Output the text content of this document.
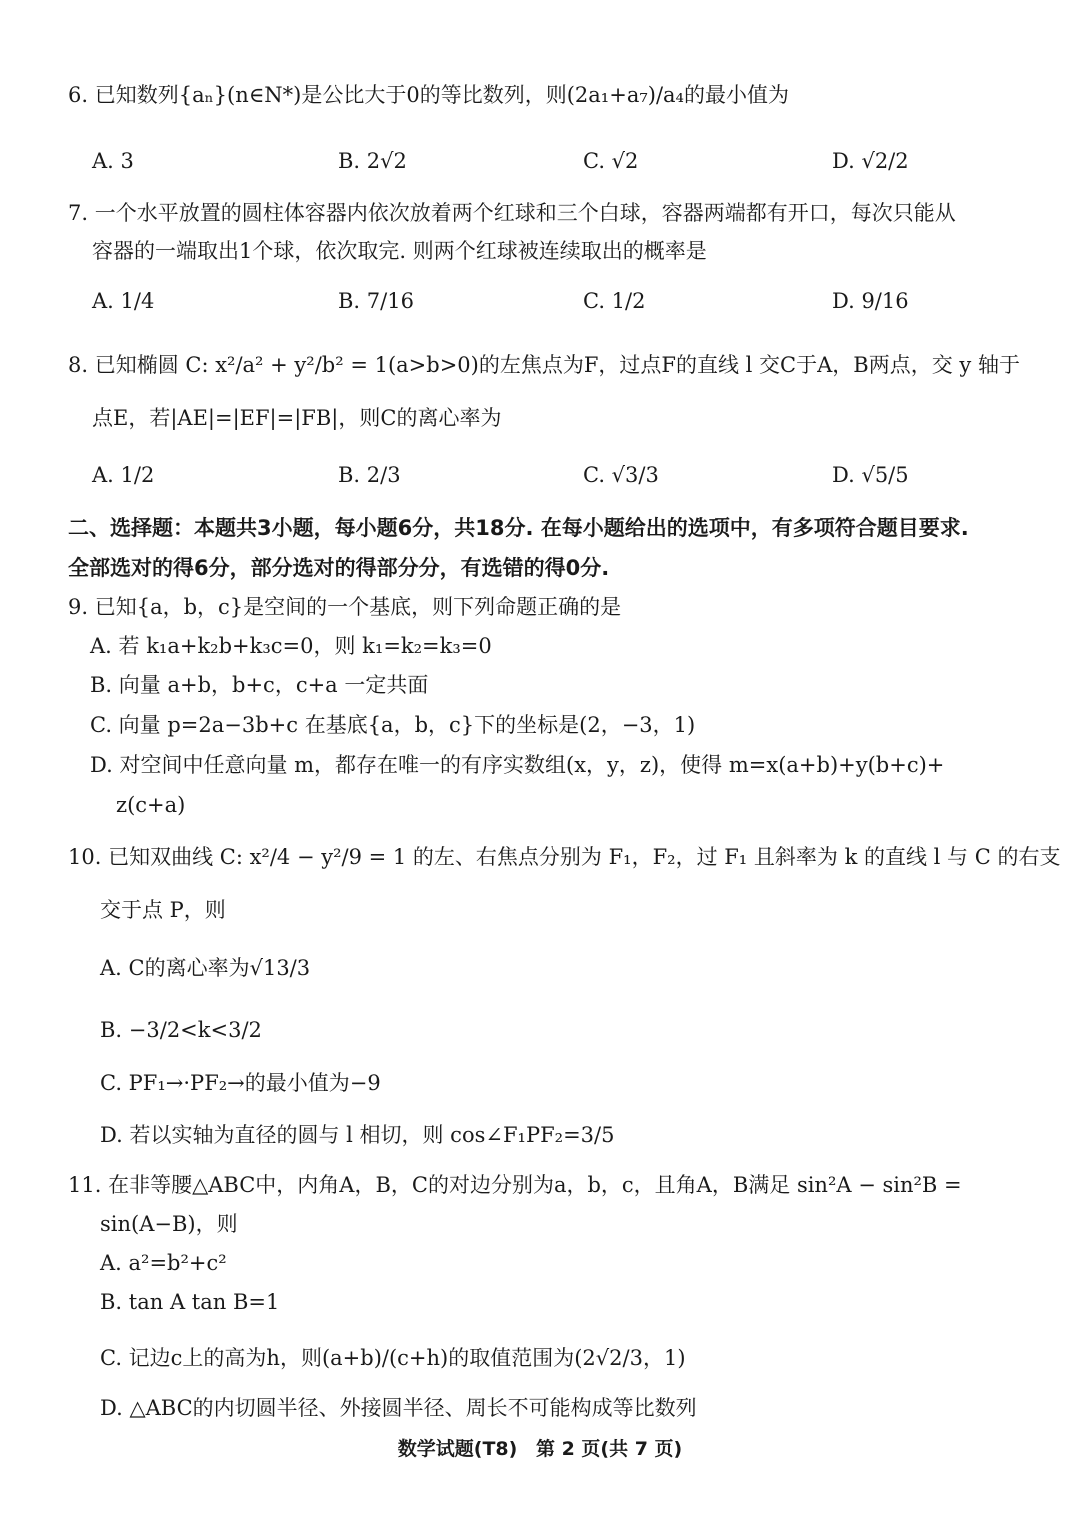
6. 已知数列{aₙ}(n∈N*)是公比大于0的等比数列，则(2a₁+a₇)/a₄的最小值为
A. 3	B. 2√2	C. √2	D. √2/2
7. 一个水平放置的圆柱体容器内依次放着两个红球和三个白球，容器两端都有开口，每次只能从
容器的一端取出1个球，依次取完. 则两个红球被连续取出的概率是
A. 1/4	B. 7/16	C. 1/2	D. 9/16
8. 已知椭圆 C: x²/a² + y²/b² = 1(a>b>0)的左焦点为F，过点F的直线 l 交C于A，B两点，交 y 轴于
点E，若|AE|=|EF|=|FB|，则C的离心率为
A. 1/2	B. 2/3	C. √3/3	D. √5/5
二、选择题：本题共3小题，每小题6分，共18分. 在每小题给出的选项中，有多项符合题目要求.
全部选对的得6分，部分选对的得部分分，有选错的得0分.
9. 已知{a，b，c}是空间的一个基底，则下列命题正确的是
A. 若 k₁a+k₂b+k₃c=0，则 k₁=k₂=k₃=0
B. 向量 a+b，b+c，c+a 一定共面
C. 向量 p=2a−3b+c 在基底{a，b，c}下的坐标是(2，−3，1)
D. 对空间中任意向量 m，都存在唯一的有序实数组(x，y，z)，使得 m=x(a+b)+y(b+c)+
z(c+a)
10. 已知双曲线 C: x²/4 − y²/9 = 1 的左、右焦点分别为 F₁，F₂，过 F₁ 且斜率为 k 的直线 l 与 C 的右支
交于点 P，则
A. C的离心率为√13/3
B. −3/2<k<3/2
C. PF₁→·PF₂→的最小值为−9
D. 若以实轴为直径的圆与 l 相切，则 cos∠F₁PF₂=3/5
11. 在非等腰△ABC中，内角A，B，C的对边分别为a，b，c，且角A，B满足 sin²A − sin²B =
sin(A−B)，则
A. a²=b²+c²
B. tan A tan B=1
C. 记边c上的高为h，则(a+b)/(c+h)的取值范围为(2√2/3，1)
D. △ABC的内切圆半径、外接圆半径、周长不可能构成等比数列
数学试题(T8) 第 2 页(共 7 页)
